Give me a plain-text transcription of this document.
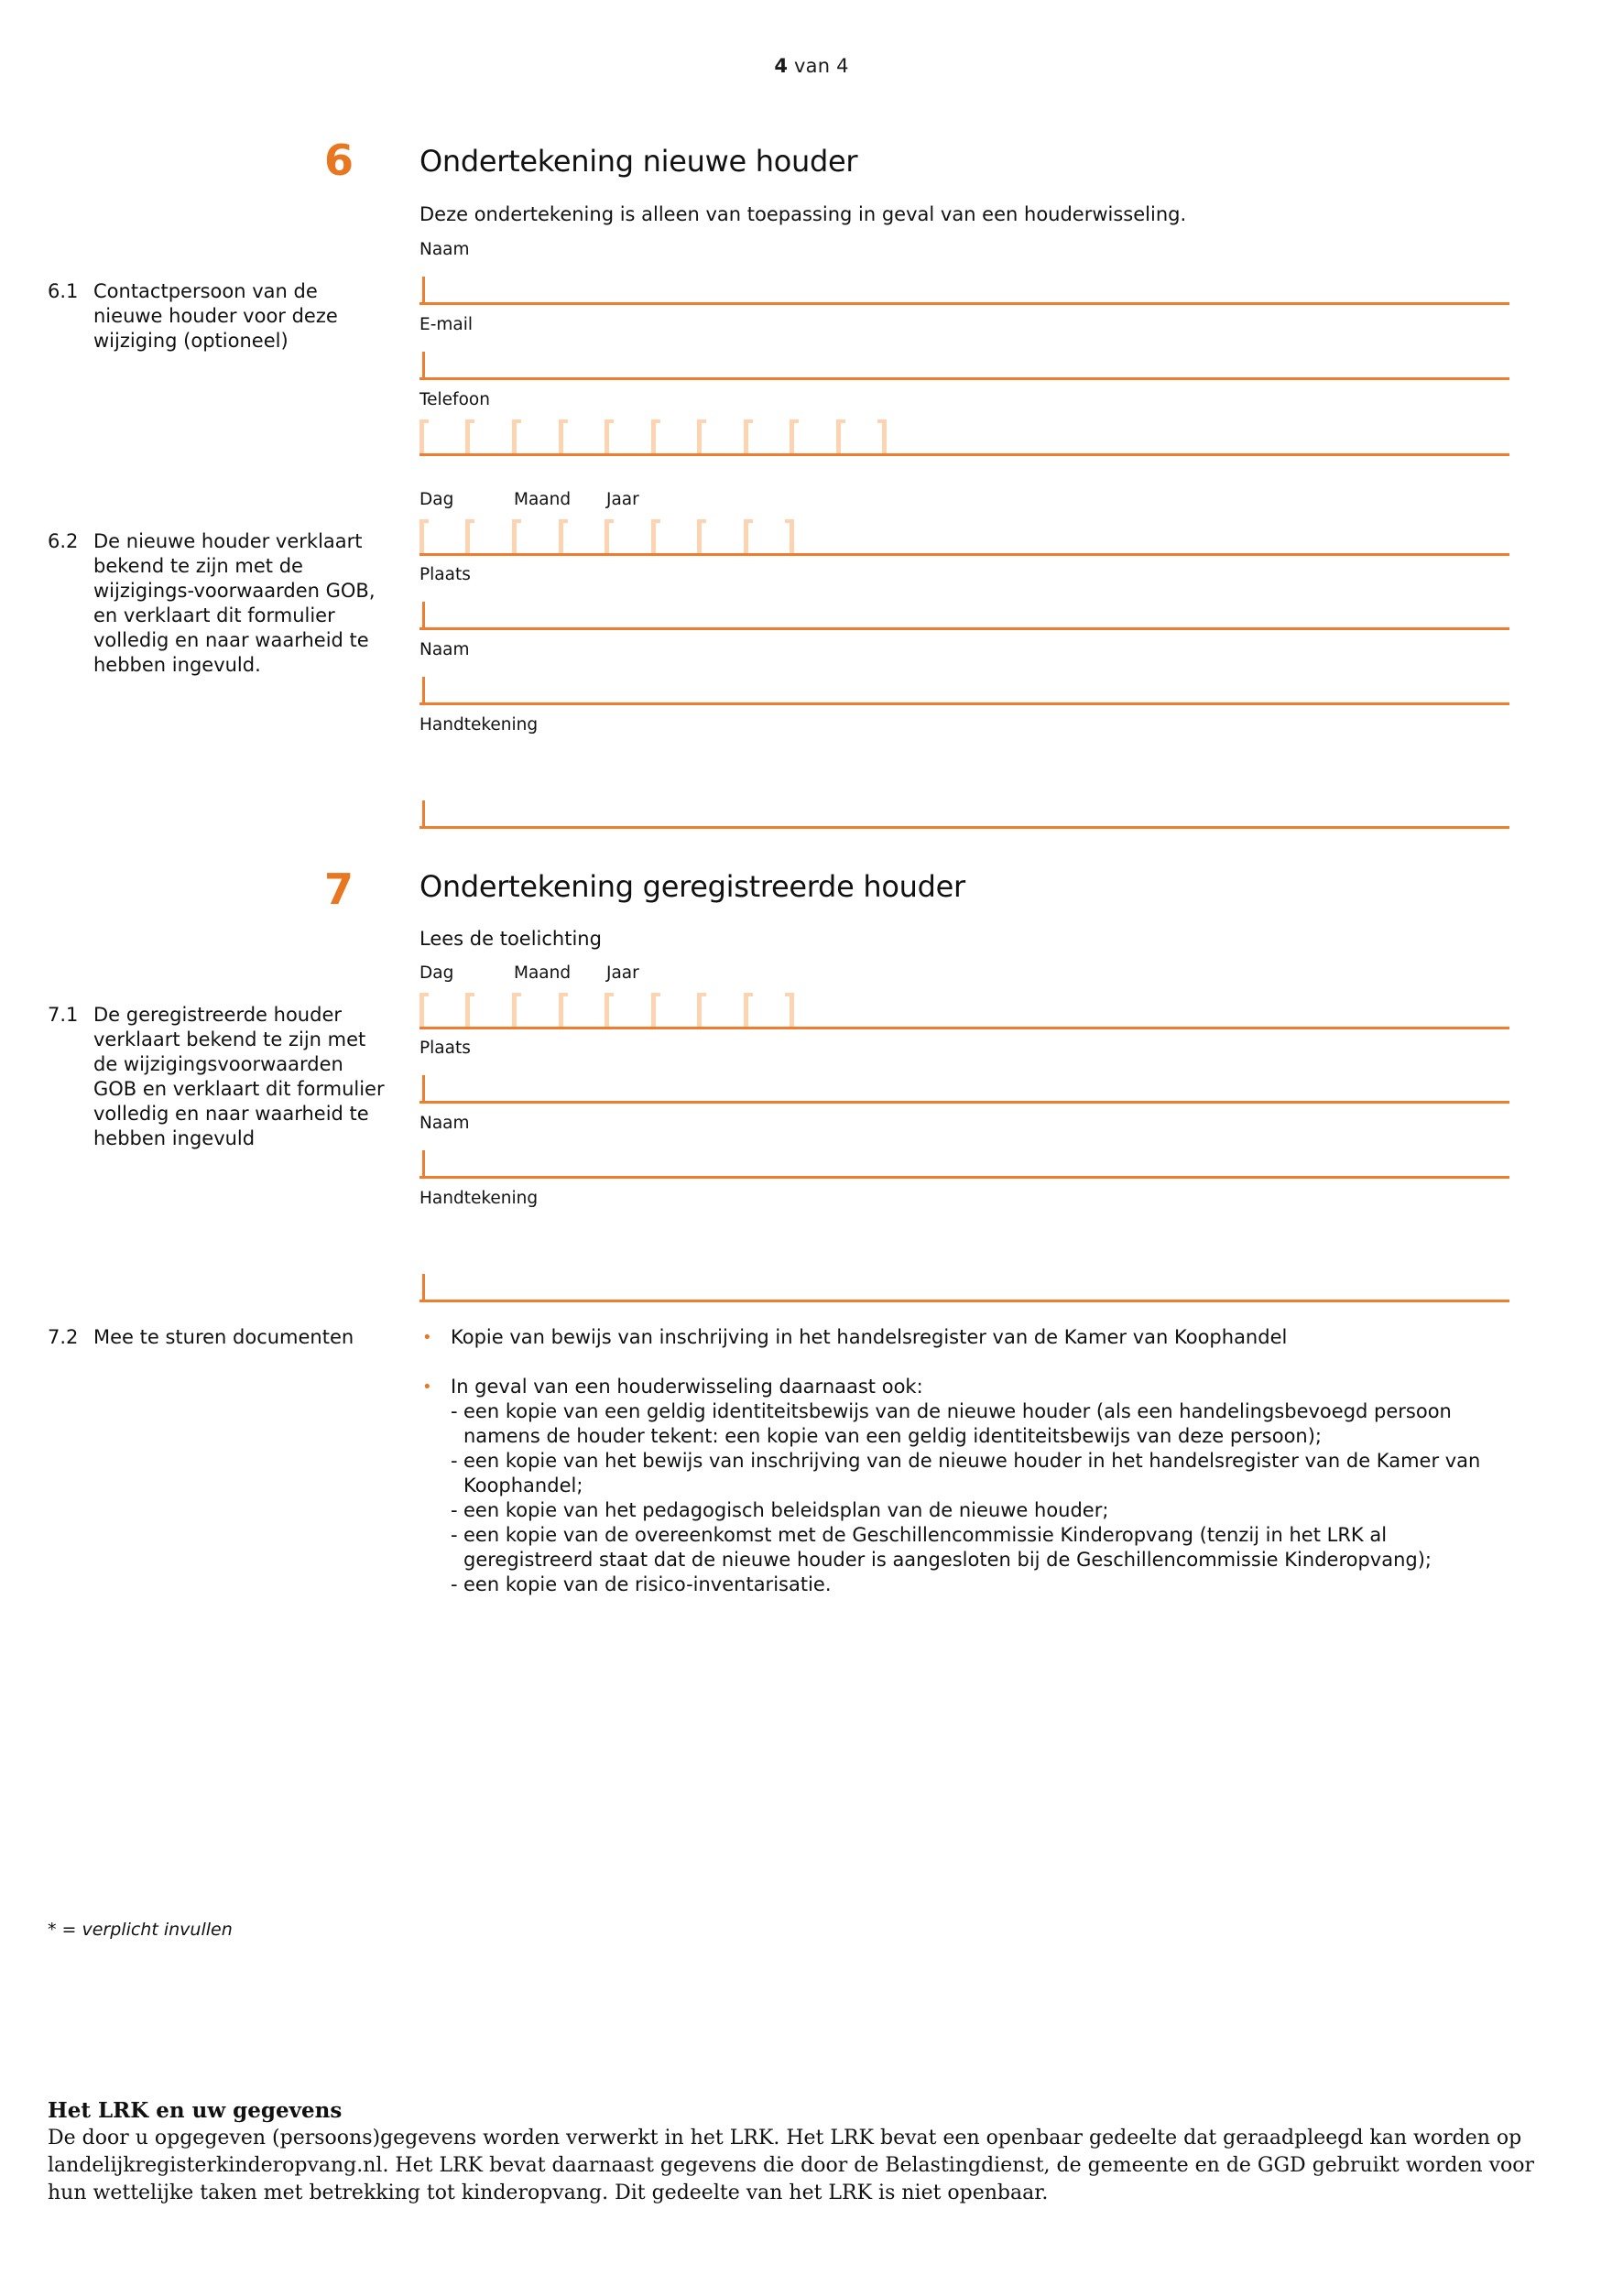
4 van 4
6 Ondertekening nieuwe houder
Deze ondertekening is alleen van toepassing in geval van een houderwisseling.
6.1 Contactpersoon van de nieuwe houder voor deze wijziging (optioneel)
Naam
E-mail
Telefoon
6.2 De nieuwe houder verklaart bekend te zijn met de wijzigings-voorwaarden GOB, en verklaart dit formulier volledig en naar waarheid te hebben ingevuld.
Dag	Maand	Jaar
Plaats
Naam
Handtekening
7 Ondertekening geregistreerde houder
Lees de toelichting
7.1 De geregistreerde houder verklaart bekend te zijn met de wijzigingsvoorwaarden GOB en verklaart dit formulier volledig en naar waarheid te hebben ingevuld
Dag	Maand	Jaar
Plaats
Naam
Handtekening
7.2 Mee te sturen documenten	• Kopie van bewijs van inschrijving in het handelsregister van de Kamer van Koophandel
• In geval van een houderwisseling daarnaast ook:
- een kopie van een geldig identiteitsbewijs van de nieuwe houder (als een handelingsbevoegd persoon namens de houder tekent: een kopie van een geldig identiteitsbewijs van deze persoon);
- een kopie van het bewijs van inschrijving van de nieuwe houder in het handelsregister van de Kamer van Koophandel;
- een kopie van het pedagogisch beleidsplan van de nieuwe houder;
- een kopie van de overeenkomst met de Geschillencommissie Kinderopvang (tenzij in het LRK al geregistreerd staat dat de nieuwe houder is aangesloten bij de Geschillencommissie Kinderopvang);
- een kopie van de risico-inventarisatie.
* = verplicht invullen
Het LRK en uw gegevens

De door u opgegeven (persoons)gegevens worden verwerkt in het LRK. Het LRK bevat een openbaar gedeelte dat geraadpleegd kan worden op landelijkregisterkinderopvang.nl. Het LRK bevat daarnaast gegevens die door de Belastingdienst, de gemeente en de GGD gebruikt worden voor hun wettelijke taken met betrekking tot kinderopvang. Dit gedeelte van het LRK is niet openbaar.
